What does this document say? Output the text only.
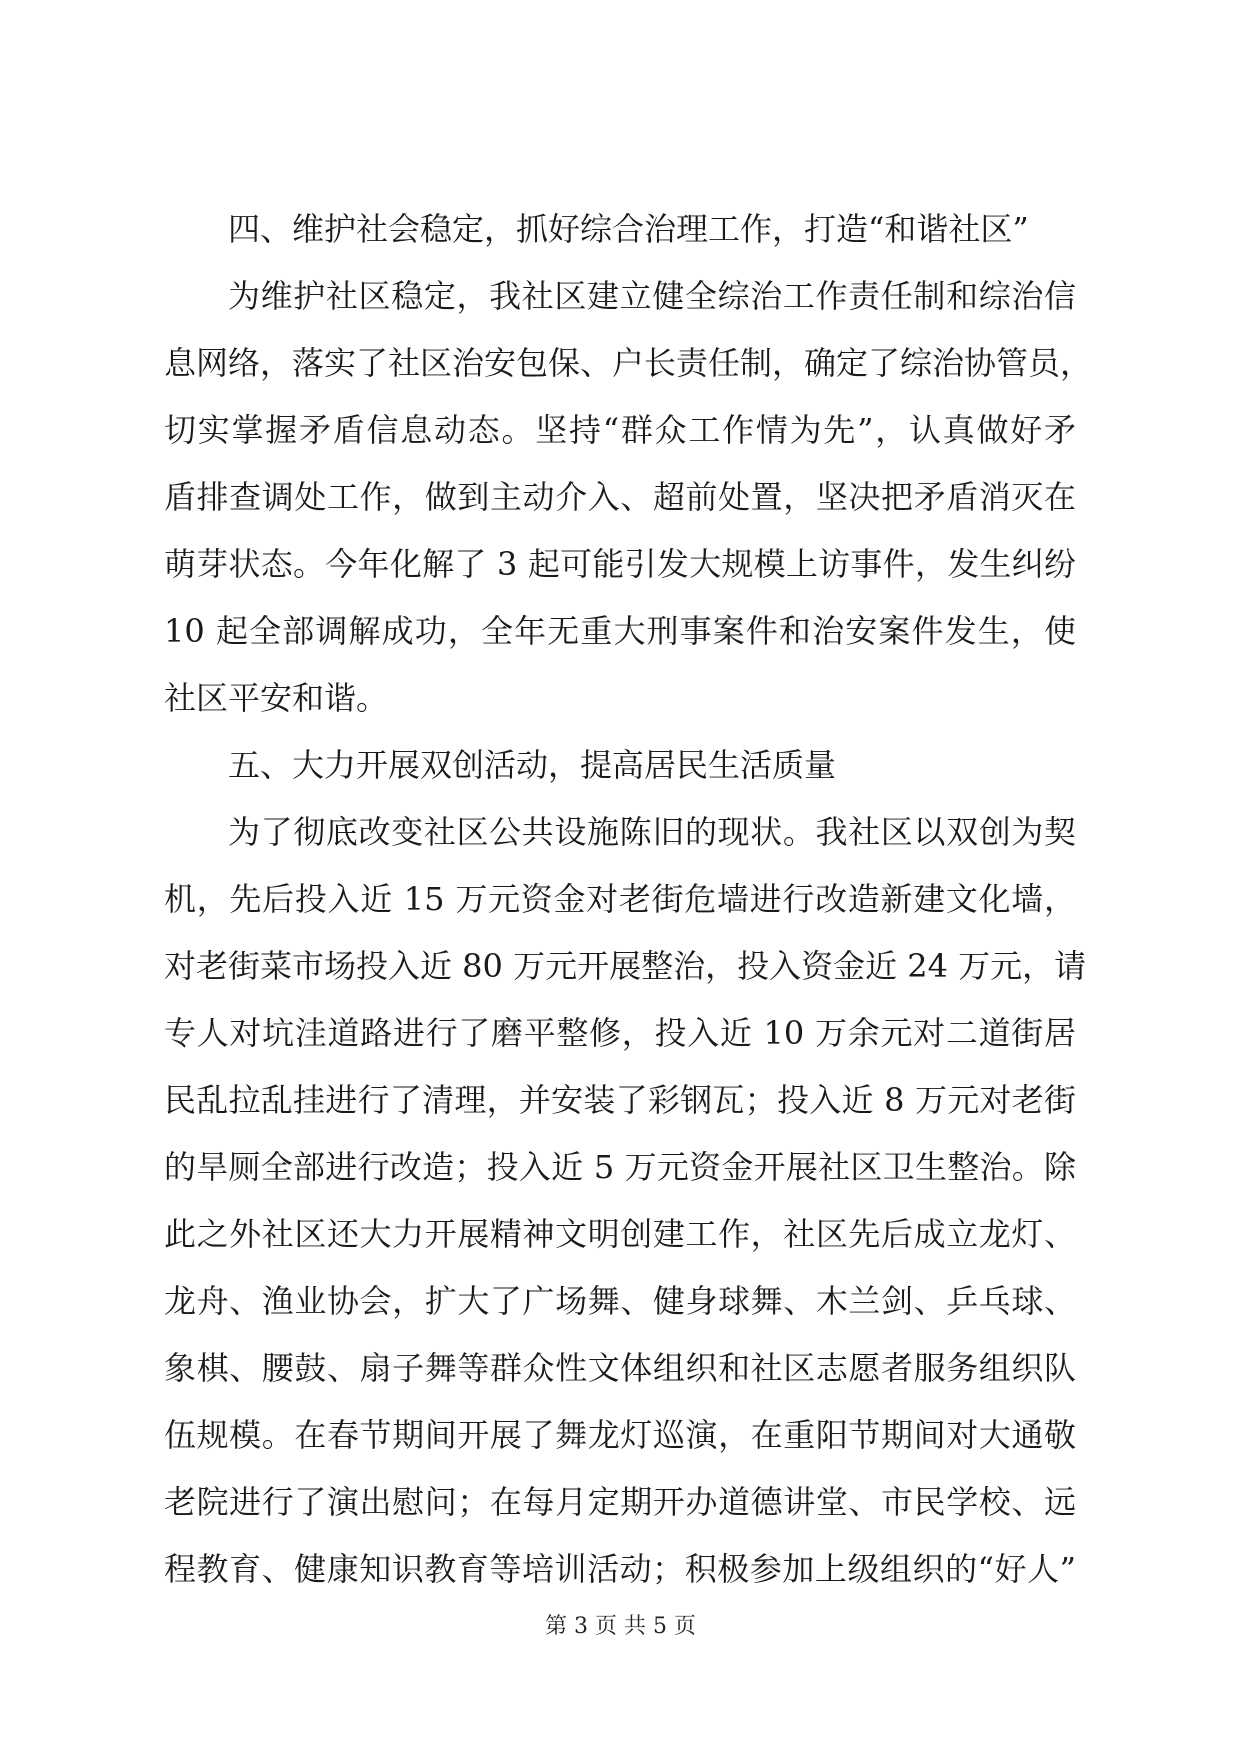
四、维护社会稳定，抓好综合治理工作，打造“和谐社区”
为维护社区稳定，我社区建立健全综治工作责任制和综治信
息网络，落实了社区治安包保、户长责任制，确定了综治协管员，
切实掌握矛盾信息动态。坚持“群众工作情为先”，认真做好矛
盾排查调处工作，做到主动介入、超前处置，坚决把矛盾消灭在
萌芽状态。今年化解了 3 起可能引发大规模上访事件，发生纠纷
10 起全部调解成功，全年无重大刑事案件和治安案件发生，使
社区平安和谐。
五、大力开展双创活动，提高居民生活质量
为了彻底改变社区公共设施陈旧的现状。我社区以双创为契
机，先后投入近 15 万元资金对老街危墙进行改造新建文化墙，
对老街菜市场投入近 80 万元开展整治，投入资金近 24 万元，请
专人对坑洼道路进行了磨平整修，投入近 10 万余元对二道街居
民乱拉乱挂进行了清理，并安装了彩钢瓦；投入近 8 万元对老街
的旱厕全部进行改造；投入近 5 万元资金开展社区卫生整治。除
此之外社区还大力开展精神文明创建工作，社区先后成立龙灯、
龙舟、渔业协会，扩大了广场舞、健身球舞、木兰剑、乒乓球、
象棋、腰鼓、扇子舞等群众性文体组织和社区志愿者服务组织队
伍规模。在春节期间开展了舞龙灯巡演，在重阳节期间对大通敬
老院进行了演出慰问；在每月定期开办道德讲堂、市民学校、远
程教育、健康知识教育等培训活动；积极参加上级组织的“好人”
第 3 页 共 5 页
